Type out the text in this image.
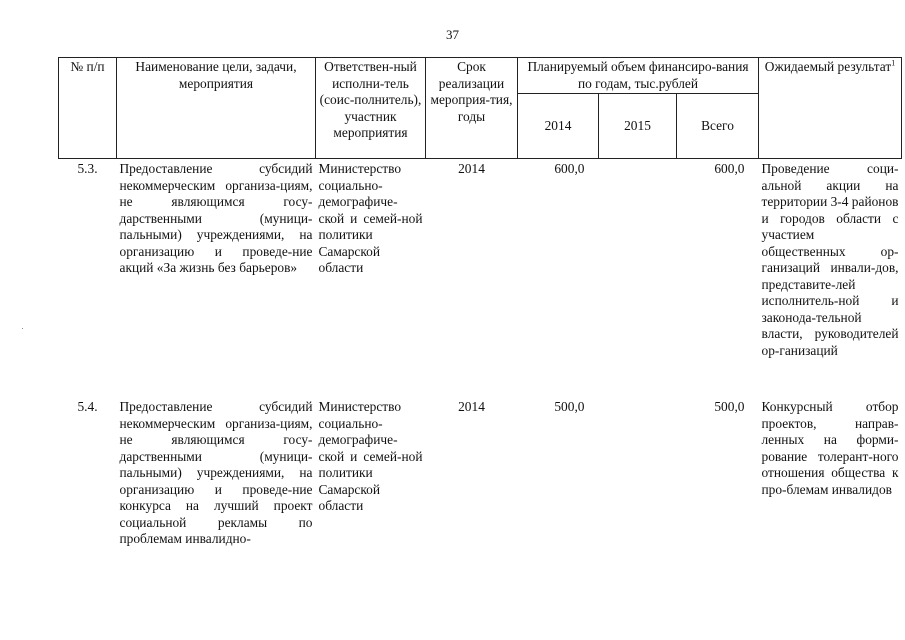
37
№ п/п	Наименование цели, задачи, мероприятия	Ответствен-ный исполни-тель (соис-полнитель), участник мероприятия	Срок реализации мероприя-тия, годы	Планируемый объем финансиро-вания по годам, тыс.рублей			Ожидаемый результат$^1$
				2014	2015	Всего	
5.3.	Предоставление субсидий некоммерческим организа-циям, не являющимся госу-дарственными (муници-пальными) учреждениями, на организацию и проведе-ние акций «За жизнь без барьеров»	Министерство социально-демографиче-ской и семей-ной политики Самарской области	2014	600,0		600,0	Проведение соци-альной акции на территории 3-4 районов и городов области с участием общественных ор-ганизаций инвали-дов, представите-лей исполнитель-ной и законода-тельной власти, руководителей ор-ганизаций
5.4.	Предоставление субсидий некоммерческим организа-циям, не являющимся госу-дарственными (муници-пальными) учреждениями, на организацию и проведе-ние конкурса на лучший проект социальной рекламы по проблемам инвалидно-	Министерство социально-демографиче-ской и семей-ной политики Самарской области	2014	500,0		500,0	Конкурсный отбор проектов, направ-ленных на форми-рование толерант-ного отношения общества к про-блемам инвалидов
